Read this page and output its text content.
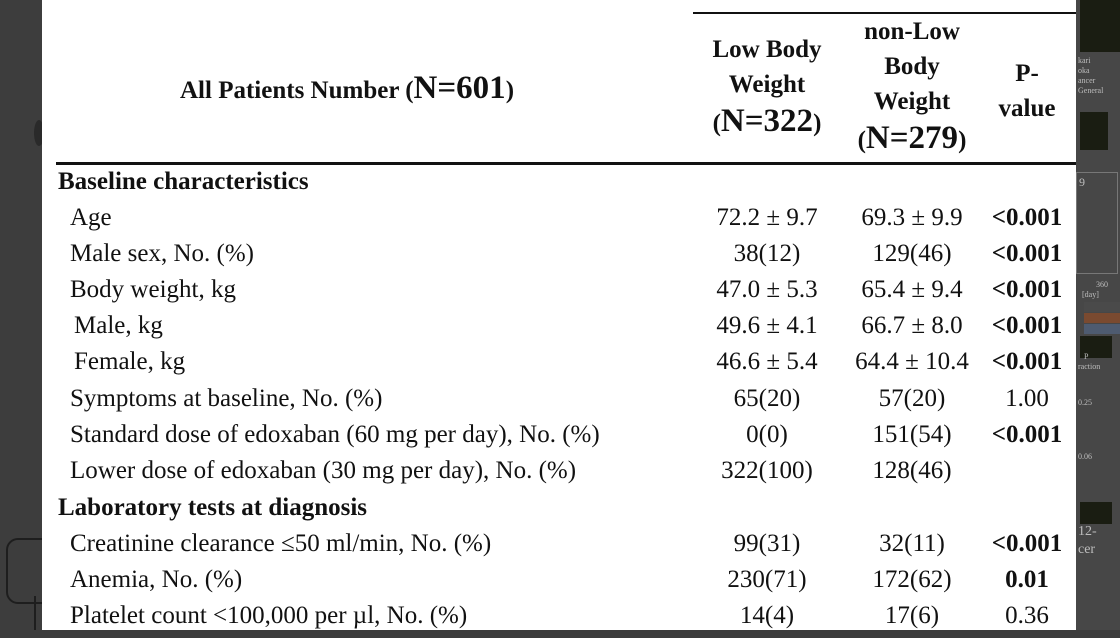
kari
oka
ancer
General
9
360
[day]
P
raction
0.25
0.06
12-
cer
All Patients Number (N=601)
Low Body
Weight
(N=322)
non-Low
Body
Weight
(N=279)
P-
value
Baseline characteristics
Age	72.2 ± 9.7	69.3 ± 9.9	<0.001
Male sex, No. (%)	38(12)	129(46)	<0.001
Body weight, kg	47.0 ± 5.3	65.4 ± 9.4	<0.001
Male, kg	49.6 ± 4.1	66.7 ± 8.0	<0.001
Female, kg	46.6 ± 5.4	64.4 ± 10.4 <0.001
Symptoms at baseline, No. (%)	65(20)	57(20)	1.00
Standard dose of edoxaban (60 mg per day), No. (%)	0(0)	151(54)	<0.001
Lower dose of edoxaban (30 mg per day), No. (%)	322(100)	128(46)
Laboratory tests at diagnosis
Creatinine clearance ≤50 ml/min, No. (%)	99(31)	32(11)	<0.001
Anemia, No. (%)	230(71)	172(62)	0.01
Platelet count <100,000 per µl, No. (%)	14(4)	17(6)	0.36
